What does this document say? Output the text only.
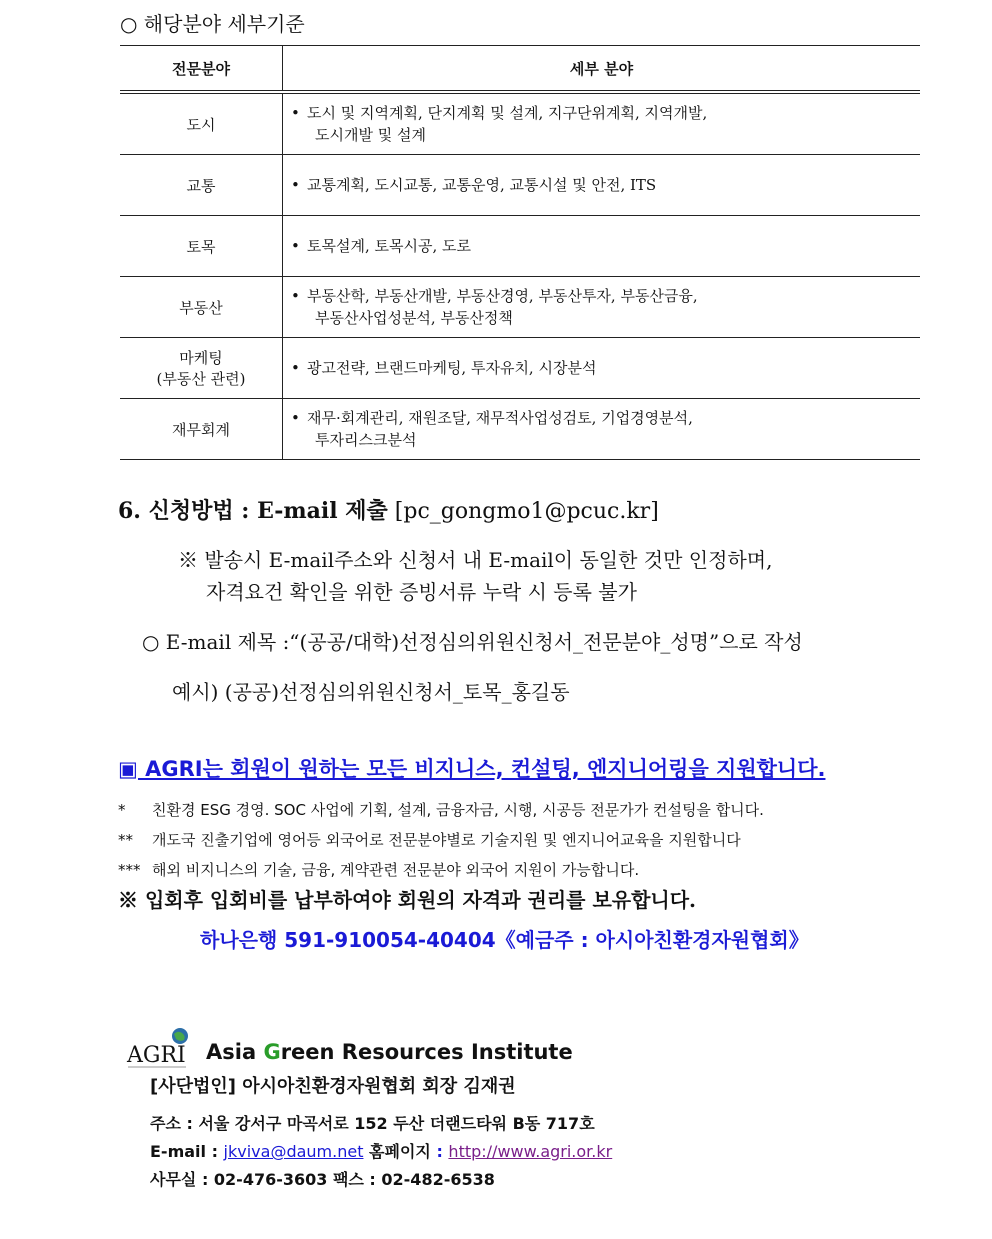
○ 해당분야 세부기준
전문분야	세부 분야

도시	• 도시 및 지역계획, 단지계획 및 설계, 지구단위계획, 지역개발,
도시개발 및 설계

교통	• 교통계획, 도시교통, 교통운영, 교통시설 및 안전, ITS

토목	• 토목설계, 토목시공, 도로

부동산	• 부동산학, 부동산개발, 부동산경영, 부동산투자, 부동산금융,
부동산사업성분석, 부동산정책

마케팅
(부동산 관련)	• 광고전략, 브랜드마케팅, 투자유치, 시장분석

재무회계	• 재무·회계관리, 재원조달, 재무적사업성검토, 기업경영분석,
투자리스크분석
6. 신청방법 : E-mail 제출 [pc_gongmo1@pcuc.kr]
※ 발송시 E-mail주소와 신청서 내 E-mail이 동일한 것만 인정하며,
자격요건 확인을 위한 증빙서류 누락 시 등록 불가
○ E-mail 제목 :“(공공/대학)선정심의위원신청서_전문분야_성명”으로 작성
예시) (공공)선정심의위원신청서_토목_홍길동
▣ AGRI는 회원이 원하는 모든 비지니스, 컨설팅, 엔지니어링을 지원합니다.
* 친환경 ESG 경영. SOC 사업에 기획, 설계, 금융자금, 시행, 시공등 전문가가 컨설팅을 합니다.
** 개도국 진출기업에 영어등 외국어로 전문분야별로 기술지원 및 엔지니어교육을 지원합니다
*** 해외 비지니스의 기술, 금융, 계약관련 전문분야 외국어 지원이 가능합니다.
※ 입회후 입회비를 납부하여야 회원의 자격과 권리를 보유합니다.
하나은행 591-910054-40404《예금주 : 아시아친환경자원협회》
AGRI Asia Green Resources Institute
[사단법인] 아시아친환경자원협회 회장 김재권
주소 : 서울 강서구 마곡서로 152 두산 더랜드타워 B동 717호
E-mail : jkviva@daum.net 홈페이지 : http://www.agri.or.kr
사무실 : 02-476-3603 팩스 : 02-482-6538
